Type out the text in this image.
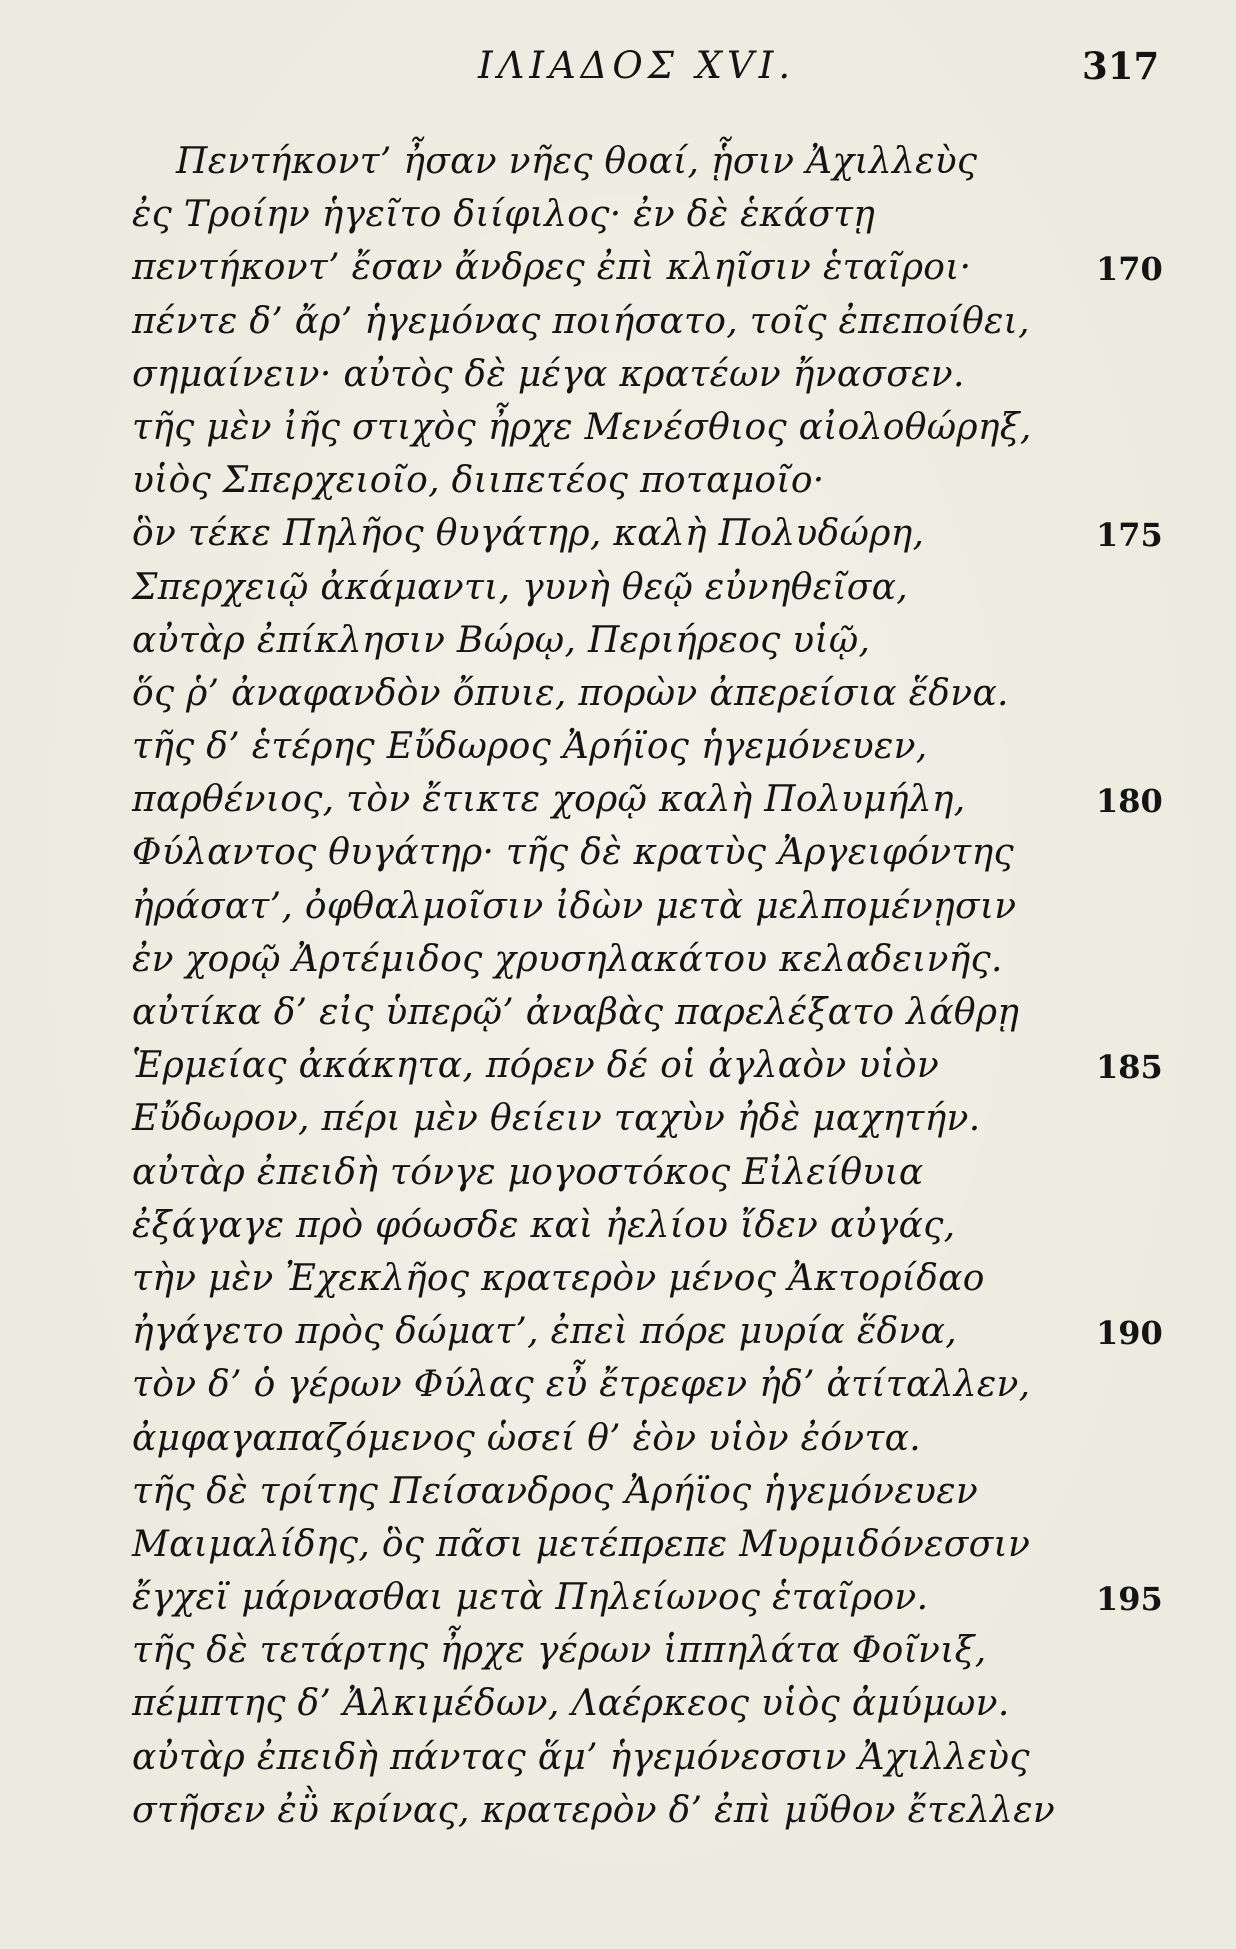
ΙΛΙΑΔΟΣ XVI.	317
Πεντήκοντ’ ἦσαν νῆες θοαί, ᾗσιν Ἀχιλλεὺς
ἐς Τροίην ἡγεῖτο διίφιλος· ἐν δὲ ἑκάστῃ
πεντήκοντ’ ἔσαν ἄνδρες ἐπὶ κληῖσιν ἑταῖροι·	170
πέντε δ’ ἄρ’ ἡγεμόνας ποιήσατο, τοῖς ἐπεποίθει,
σημαίνειν· αὐτὸς δὲ μέγα κρατέων ἤνασσεν.
τῆς μὲν ἰῆς στιχὸς ἦρχε Μενέσθιος αἰολοθώρηξ,
υἱὸς Σπερχειοῖο, διιπετέος ποταμοῖο·
ὃν τέκε Πηλῆος θυγάτηρ, καλὴ Πολυδώρη,	175
Σπερχειῷ ἀκάμαντι, γυνὴ θεῷ εὐνηθεῖσα,
αὐτὰρ ἐπίκλησιν Βώρῳ, Περιήρεος υἱῷ,
ὅς ῥ’ ἀναφανδὸν ὄπυιε, πορὼν ἀπερείσια ἕδνα.
τῆς δ’ ἑτέρης Εὔδωρος Ἀρήϊος ἡγεμόνευεν,
παρθένιος, τὸν ἔτικτε χορῷ καλὴ Πολυμήλη,	180
Φύλαντος θυγάτηρ· τῆς δὲ κρατὺς Ἀργειφόντης
ἠράσατ’, ὀφθαλμοῖσιν ἰδὼν μετὰ μελπομένῃσιν
ἐν χορῷ Ἀρτέμιδος χρυσηλακάτου κελαδεινῆς.
αὐτίκα δ’ εἰς ὑπερῷ’ ἀναβὰς παρελέξατο λάθρῃ
Ἑρμείας ἀκάκητα, πόρεν δέ οἱ ἀγλαὸν υἱὸν	185
Εὔδωρον, πέρι μὲν θείειν ταχὺν ἠδὲ μαχητήν.
αὐτὰρ ἐπειδὴ τόνγε μογοστόκος Εἰλείθυια
ἐξάγαγε πρὸ φόωσδε καὶ ἠελίου ἴδεν αὐγάς,
τὴν μὲν Ἐχεκλῆος κρατερὸν μένος Ἀκτορίδαο
ἠγάγετο πρὸς δώματ’, ἐπεὶ πόρε μυρία ἕδνα,	190
τὸν δ’ ὁ γέρων Φύλας εὖ ἔτρεφεν ἠδ’ ἀτίταλλεν,
ἀμφαγαπαζόμενος ὡσεί θ’ ἑὸν υἱὸν ἐόντα.
τῆς δὲ τρίτης Πείσανδρος Ἀρήϊος ἡγεμόνευεν
Μαιμαλίδης, ὃς πᾶσι μετέπρεπε Μυρμιδόνεσσιν
ἔγχεϊ μάρνασθαι μετὰ Πηλείωνος ἑταῖρον.	195
τῆς δὲ τετάρτης ἦρχε γέρων ἱππηλάτα Φοῖνιξ,
πέμπτης δ’ Ἀλκιμέδων, Λαέρκεος υἱὸς ἀμύμων.
αὐτὰρ ἐπειδὴ πάντας ἅμ’ ἡγεμόνεσσιν Ἀχιλλεὺς
στῆσεν ἐῢ κρίνας, κρατερὸν δ’ ἐπὶ μῦθον ἔτελλεν
